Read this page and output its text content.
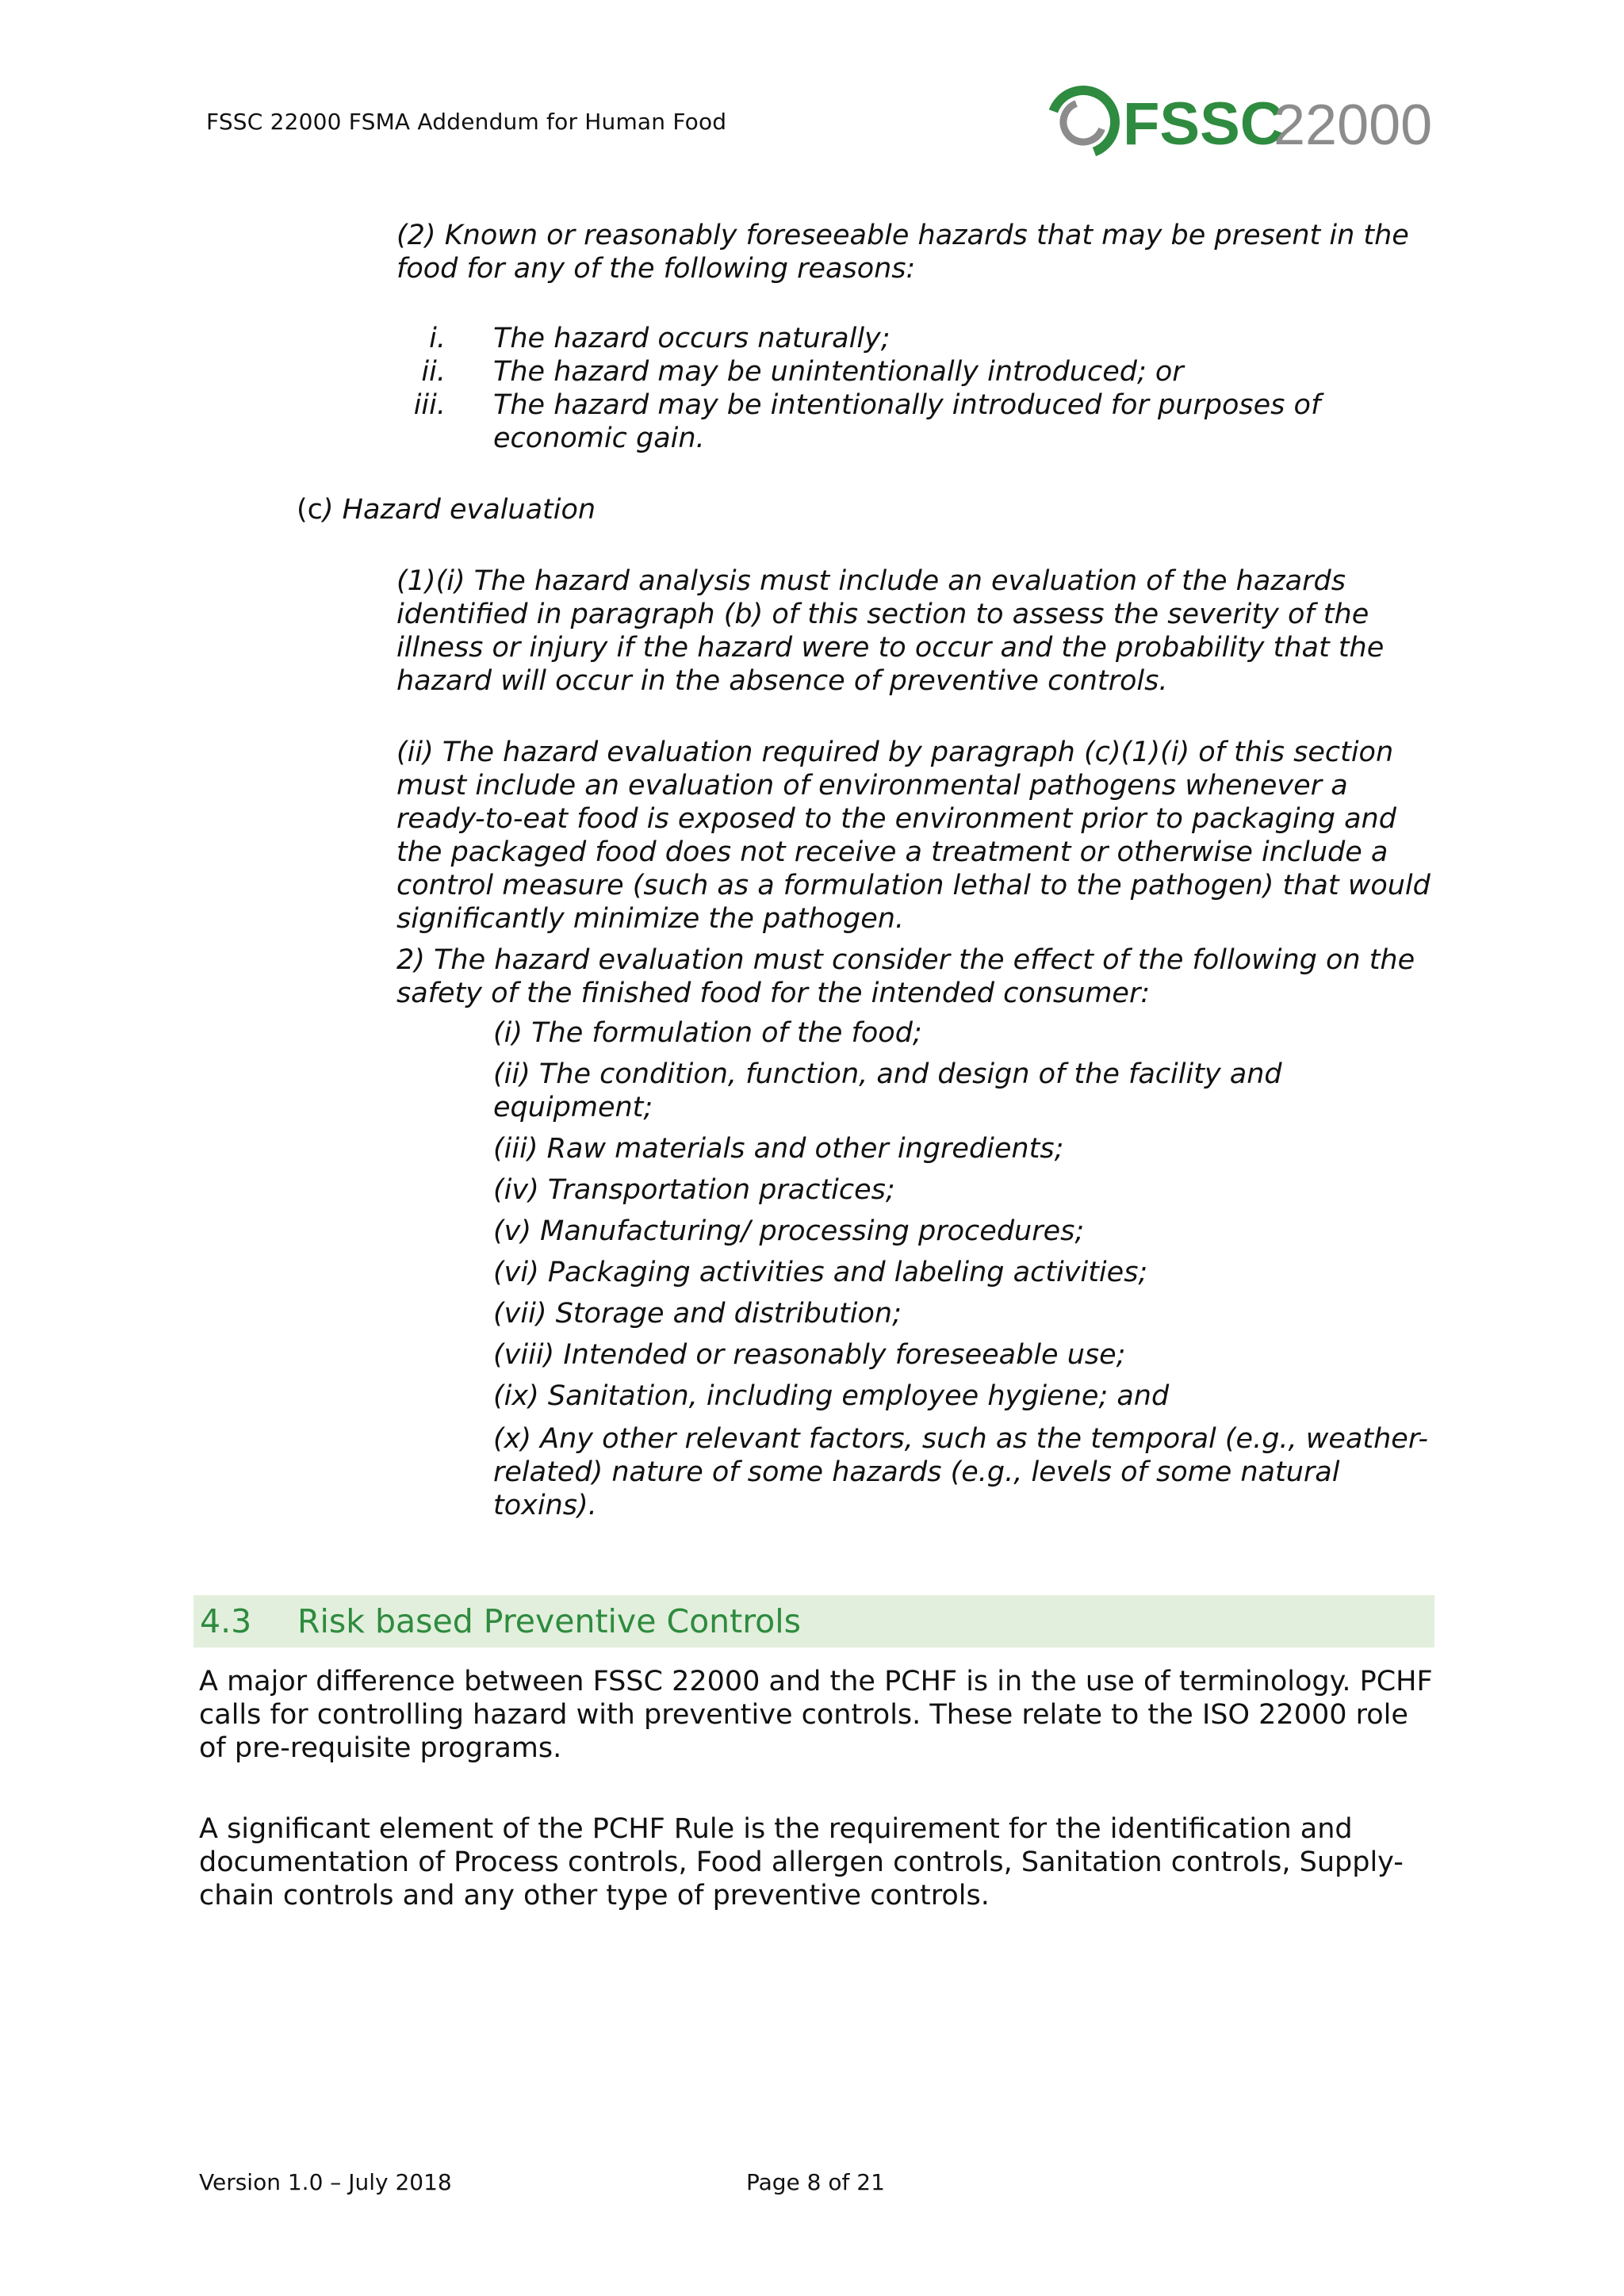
FSSC 22000 FSMA Addendum for Human Food	FSSC
22000

(2) Known or reasonably foreseeable hazards that may be present in the food for any of the following reasons:

i. The hazard occurs naturally;
ii. The hazard may be unintentionally introduced; or
iii. The hazard may be intentionally introduced for purposes of economic gain.

(c) Hazard evaluation

(1)(i) The hazard analysis must include an evaluation of the hazards identified in paragraph (b) of this section to assess the severity of the illness or injury if the hazard were to occur and the probability that the hazard will occur in the absence of preventive controls.

(ii) The hazard evaluation required by paragraph (c)(1)(i) of this section must include an evaluation of environmental pathogens whenever a ready-to-eat food is exposed to the environment prior to packaging and the packaged food does not receive a treatment or otherwise include a control measure (such as a formulation lethal to the pathogen) that would significantly minimize the pathogen.

2) The hazard evaluation must consider the effect of the following on the safety of the finished food for the intended consumer:

(i) The formulation of the food;

(ii) The condition, function, and design of the facility and equipment;

(iii) Raw materials and other ingredients;

(iv) Transportation practices;

(v) Manufacturing/ processing procedures;

(vi) Packaging activities and labeling activities;

(vii) Storage and distribution;

(viii) Intended or reasonably foreseeable use;

(ix) Sanitation, including employee hygiene; and

(x) Any other relevant factors, such as the temporal (e.g., weather-related) nature of some hazards (e.g., levels of some natural toxins).

4.3 Risk based Preventive Controls

A major difference between FSSC 22000 and the PCHF is in the use of terminology. PCHF calls for controlling hazard with preventive controls. These relate to the ISO 22000 role of pre-requisite programs.

A significant element of the PCHF Rule is the requirement for the identification and documentation of Process controls, Food allergen controls, Sanitation controls, Supply-chain controls and any other type of preventive controls.

Version 1.0 – July 2018	Page 8 of 21
